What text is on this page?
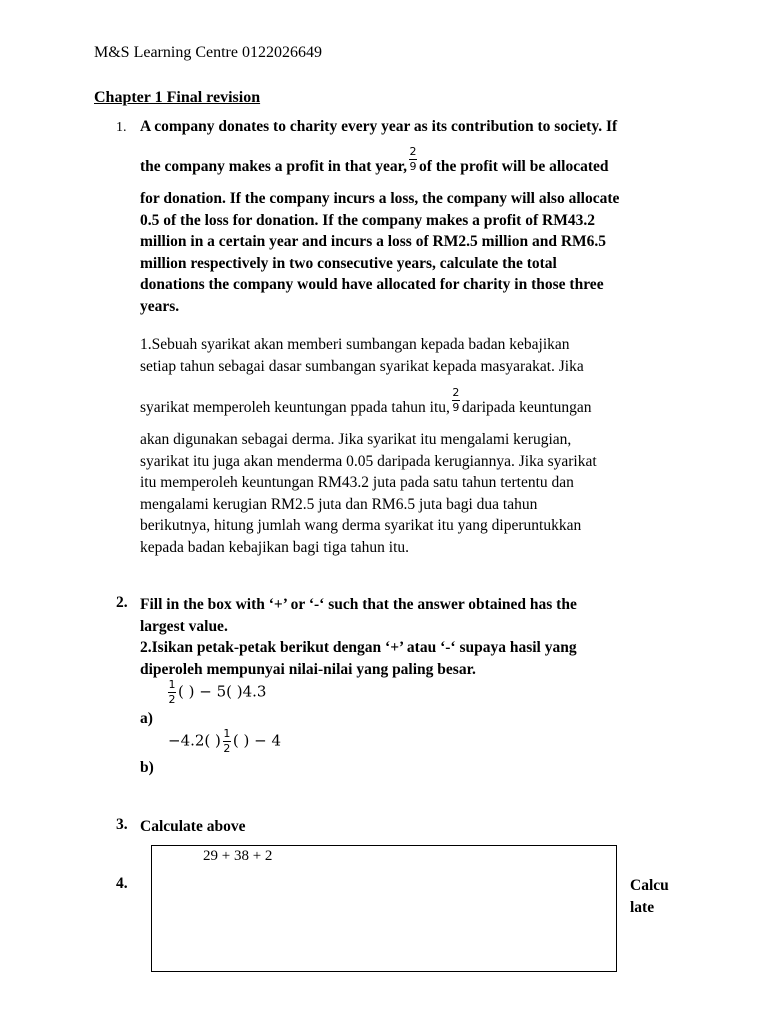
M&S Learning Centre 0122026649
Chapter 1 Final revision
1. A company donates to charity every year as its contribution to society. If
the company makes a profit in that year, $\frac{2}{9}$ of the profit will be allocated
for donation. If the company incurs a loss, the company will also allocate
0.5 of the loss for donation. If the company makes a profit of RM43.2
million in a certain year and incurs a loss of RM2.5 million and RM6.5
million respectively in two consecutive years, calculate the total
donations the company would have allocated for charity in those three
years.
1.Sebuah syarikat akan memberi sumbangan kepada badan kebajikan
setiap tahun sebagai dasar sumbangan syarikat kepada masyarakat. Jika
syarikat memperoleh keuntungan ppada tahun itu, $\frac{2}{9}$ daripada keuntungan
akan digunakan sebagai derma. Jika syarikat itu mengalami kerugian,
syarikat itu juga akan menderma 0.05 daripada kerugiannya. Jika syarikat
itu memperoleh keuntungan RM43.2 juta pada satu tahun tertentu dan
mengalami kerugian RM2.5 juta dan RM6.5 juta bagi dua tahun
berikutnya, hitung jumlah wang derma syarikat itu yang diperuntukkan
kepada badan kebajikan bagi tiga tahun itu.
2. Fill in the box with ‘+’ or ‘-‘ such that the answer obtained has the
largest value.
2.Isikan petak-petak berikut dengan ‘+’ atau ‘-‘ supaya hasil yang
diperoleh mempunyai nilai-nilai yang paling besar.
$\frac{1}{2}$ ( ) − 5( )4.3
a)
−4.2( ) $\frac{1}{2}$ ( ) − 4
b)
3. Calculate above
29 + 38 + 2
4.	Calcu
late
